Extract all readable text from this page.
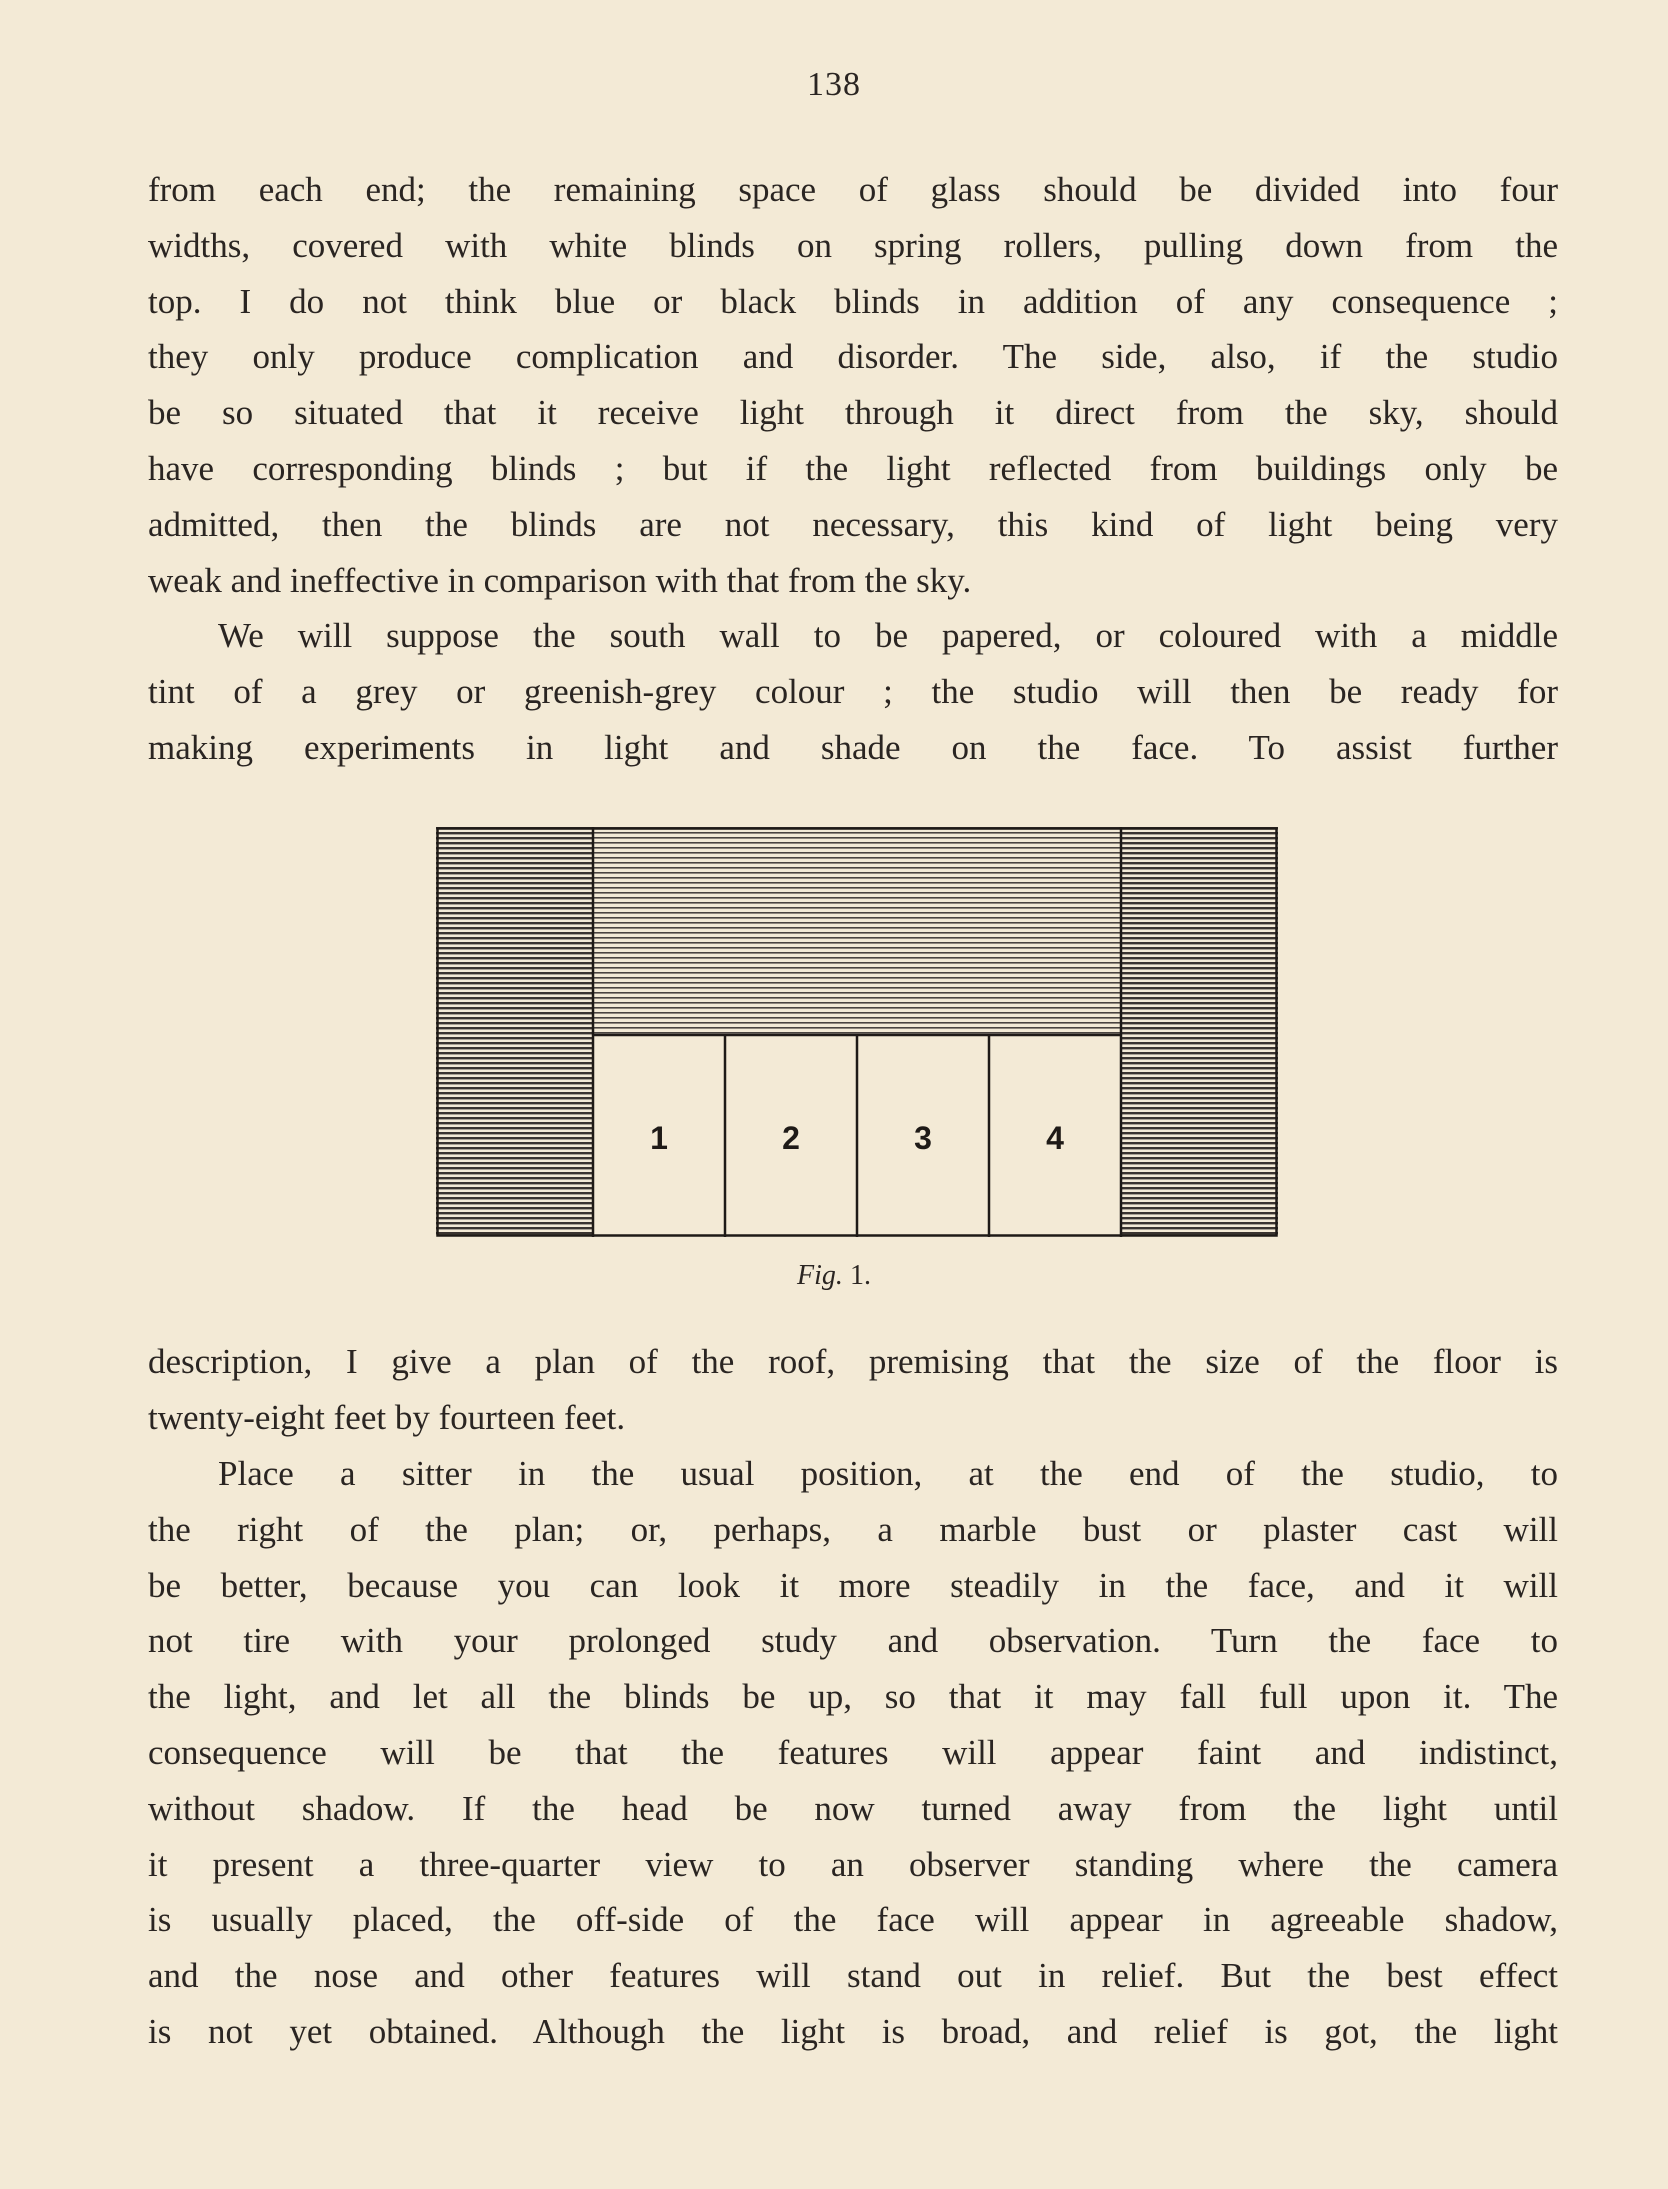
138

from each end; the remaining space of glass should be divided into four
widths, covered with white blinds on spring rollers, pulling down from the
top. I do not think blue or black blinds in addition of any consequence ;
they only produce complication and disorder. The side, also, if the studio
be so situated that it receive light through it direct from the sky, should
have corresponding blinds ; but if the light reflected from buildings only be
admitted, then the blinds are not necessary, this kind of light being very
weak and ineffective in comparison with that from the sky.

We will suppose the south wall to be papered, or coloured with a middle
tint of a grey or greenish-grey colour ; the studio will then be ready for
making experiments in light and shade on the face. To assist further

1	2	3	4
Fig. 1.

description, I give a plan of the roof, premising that the size of the floor is
twenty-eight feet by fourteen feet.

Place a sitter in the usual position, at the end of the studio, to
the right of the plan; or, perhaps, a marble bust or plaster cast will
be better, because you can look it more steadily in the face, and it will
not tire with your prolonged study and observation. Turn the face to
the light, and let all the blinds be up, so that it may fall full upon it. The
consequence will be that the features will appear faint and indistinct,
without shadow. If the head be now turned away from the light until
it present a three-quarter view to an observer standing where the camera
is usually placed, the off-side of the face will appear in agreeable shadow,
and the nose and other features will stand out in relief. But the best effect
is not yet obtained. Although the light is broad, and relief is got, the light
